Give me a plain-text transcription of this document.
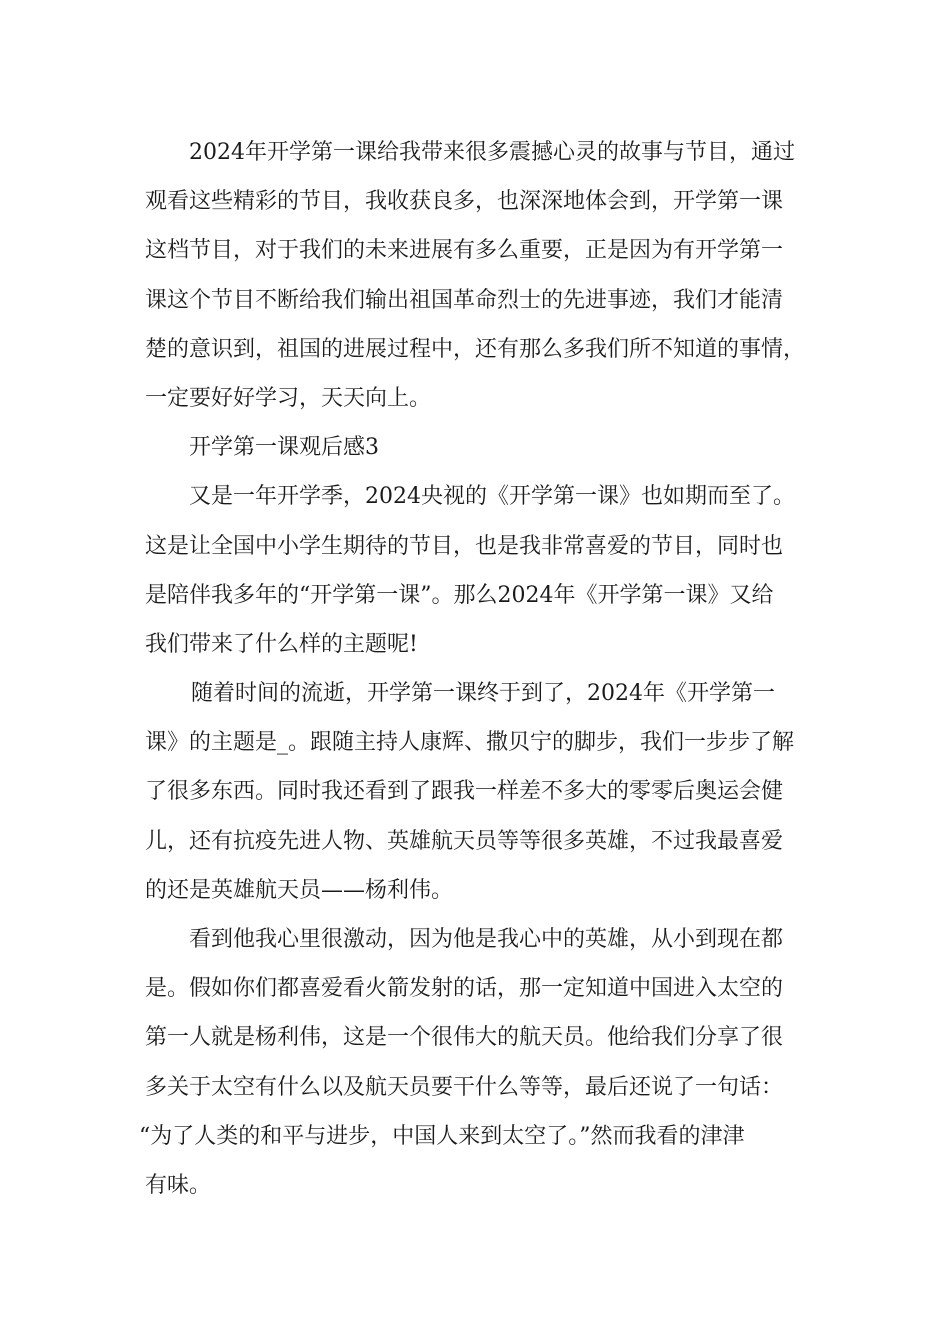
2024年开学第一课给我带来很多震撼心灵的故事与节目，通过
观看这些精彩的节目，我收获良多，也深深地体会到，开学第一课
这档节目，对于我们的未来进展有多么重要，正是因为有开学第一
课这个节目不断给我们输出祖国革命烈士的先进事迹，我们才能清
楚的意识到，祖国的进展过程中，还有那么多我们所不知道的事情，
一定要好好学习，天天向上。
开学第一课观后感3
又是一年开学季，2024央视的《开学第一课》也如期而至了。
这是让全国中小学生期待的节目，也是我非常喜爱的节目，同时也
是陪伴我多年的“开学第一课”。那么2024年《开学第一课》又给
我们带来了什么样的主题呢!
随着时间的流逝，开学第一课终于到了，2024年《开学第一
课》的主题是_。跟随主持人康辉、撒贝宁的脚步，我们一步步了解
了很多东西。同时我还看到了跟我一样差不多大的零零后奥运会健
儿，还有抗疫先进人物、英雄航天员等等很多英雄，不过我最喜爱
的还是英雄航天员——杨利伟。
看到他我心里很激动，因为他是我心中的英雄，从小到现在都
是。假如你们都喜爱看火箭发射的话，那一定知道中国进入太空的
第一人就是杨利伟，这是一个很伟大的航天员。他给我们分享了很
多关于太空有什么以及航天员要干什么等等，最后还说了一句话：
“为了人类的和平与进步，中国人来到太空了。”然而我看的津津
有味。
